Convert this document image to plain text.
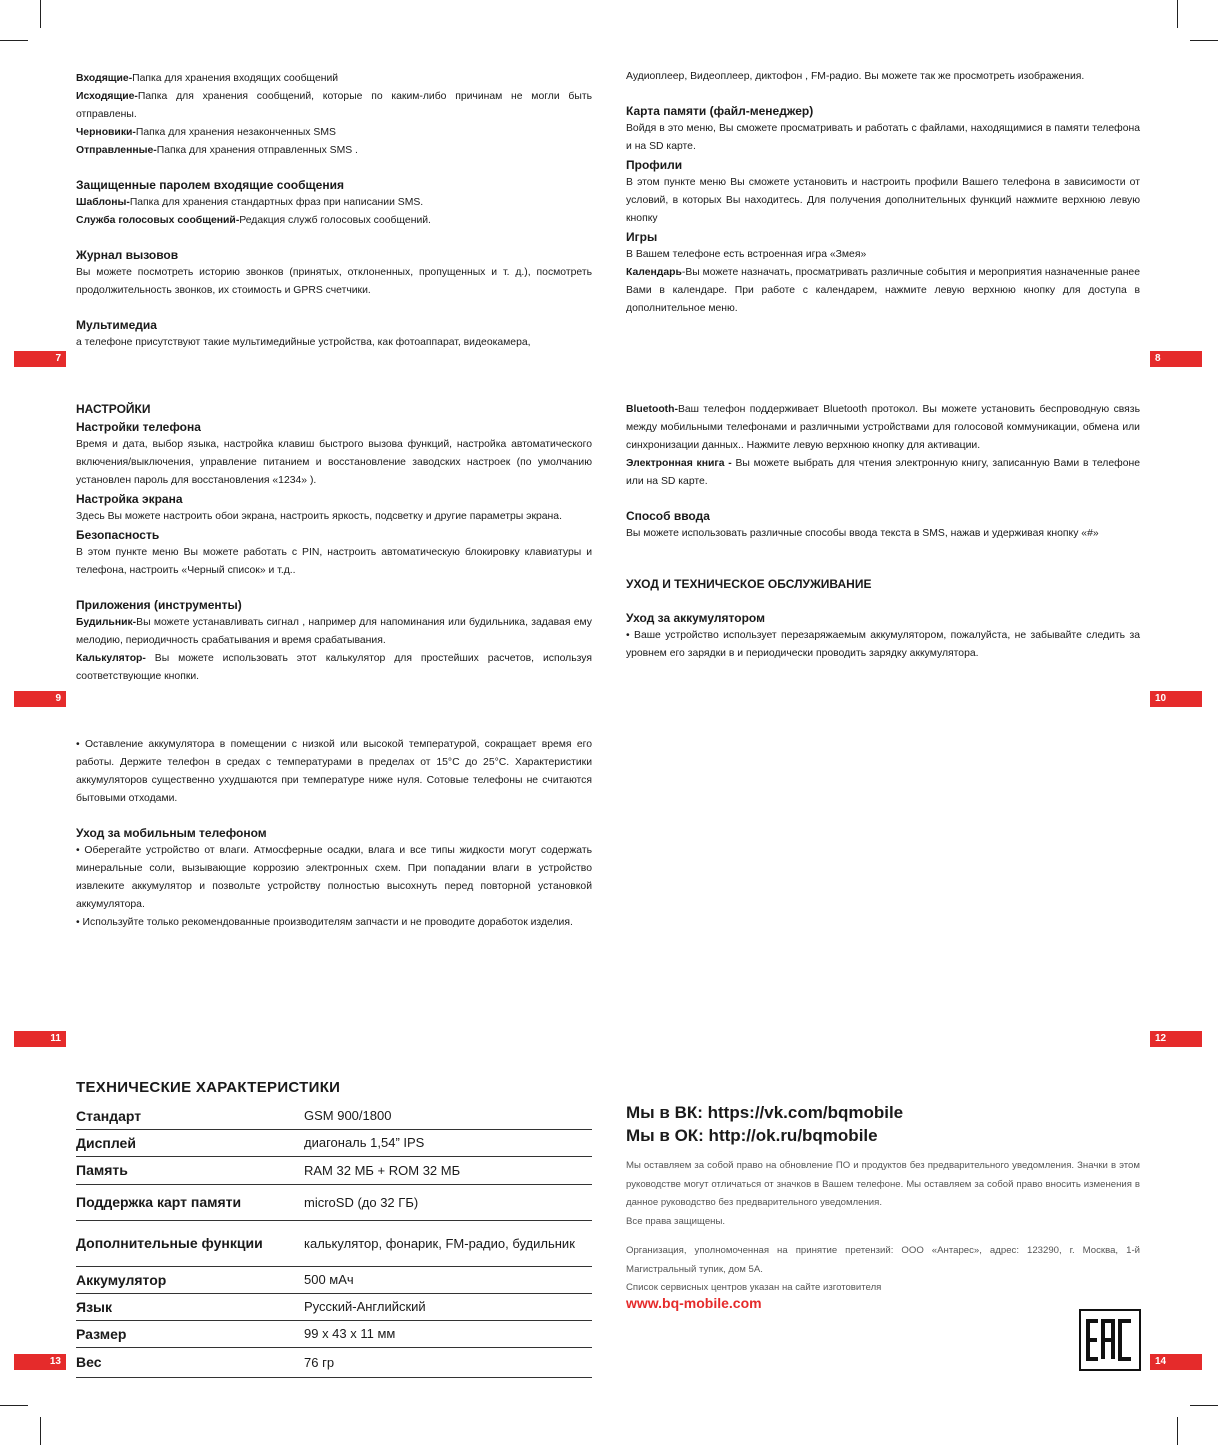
Входящие-Папка для хранения входящих сообщений

Исходящие-Папка для хранения сообщений, которые по каким-либо причинам не могли быть отправлены.

Черновики-Папка для хранения незаконченных SMS

Отправленные-Папка для хранения отправленных SMS .

Защищенные паролем входящие сообщения

Шаблоны-Папка для хранения стандартных фраз при написании SMS.

Служба голосовых сообщений-Редакция служб голосовых сообщений.

Журнал вызовов

Вы можете посмотреть историю звонков (принятых, отклоненных, пропущенных и т. д.), посмотреть продолжительность звонков, их стоимость и GPRS счетчики.

Мультимедиа

а телефоне присутствуют такие мультимедийные устройства, как фотоаппарат, видеокамера,

7

Аудиоплеер, Видеоплеер, диктофон , FM-радио. Вы можете так же просмотреть изображения.

Карта памяти (файл-менеджер)

Войдя в это меню, Вы сможете просматривать и работать с файлами, находящимися в памяти телефона и на SD карте.

Профили

В этом пункте меню Вы сможете установить и настроить профили Вашего телефона в зависимости от условий, в которых Вы находитесь. Для получения дополнительных функций нажмите верхнюю левую кнопку

Игры

В Вашем телефоне есть встроенная игра «Змея»

Календарь-Вы можете назначать, просматривать различные события и мероприятия назначенные ранее Вами в календаре. При работе с календарем, нажмите левую верхнюю кнопку для доступа в дополнительное меню.

8

НАСТРОЙКИ

Настройки телефона

Время и дата, выбор языка, настройка клавиш быстрого вызова функций, настройка автоматического включения/выключения, управление питанием и восстановление заводских настроек (по умолчанию установлен пароль для восстановления «1234» ).

Настройка экрана

Здесь Вы можете настроить обои экрана, настроить яркость, подсветку и другие параметры экрана.

Безопасность

В этом пункте меню Вы можете работать с PIN, настроить автоматическую блокировку клавиатуры и телефона, настроить «Черный список» и т.д..

Приложения (инструменты)

Будильник-Вы можете устанавливать сигнал , например для напоминания или будильника, задавая ему мелодию, периодичность срабатывания и время срабатывания.

Калькулятор- Вы можете использовать этот калькулятор для простейших расчетов, используя соответствующие кнопки.

9

Bluetooth-Ваш телефон поддерживает Bluetooth протокол. Вы можете установить беспроводную связь между мобильными телефонами и различными устройствами для голосовой коммуникации, обмена или синхронизации данных.. Нажмите левую верхнюю кнопку для активации.

Электронная книга - Вы можете выбрать для чтения электронную книгу, записанную Вами в телефоне или на SD карте.

Способ ввода

Вы можете использовать различные способы ввода текста в SMS, нажав и удерживая кнопку «#»

УХОД И ТЕХНИЧЕСКОЕ ОБСЛУЖИВАНИЕ

Уход за аккумулятором

• Ваше устройство использует перезаряжаемым аккумулятором, пожалуйста, не забывайте следить за уровнем его зарядки в и периодически проводить зарядку аккумулятора.

10

• Оставление аккумулятора в помещении с низкой или высокой температурой, сокращает время его работы. Держите телефон в средах с температурами в пределах от 15°C до 25°C. Характеристики аккумуляторов существенно ухудшаются при температуре ниже нуля. Сотовые телефоны не считаются бытовыми отходами.

Уход за мобильным телефоном

• Оберегайте устройство от влаги. Атмосферные осадки, влага и все типы жидкости могут содержать минеральные соли, вызывающие коррозию электронных схем. При попадании влаги в устройство извлеките аккумулятор и позвольте устройству полностью высохнуть перед повторной установкой аккумулятора.

• Используйте только рекомендованные производителям запчасти и не проводите доработок изделия.

11	12
ТЕХНИЧЕСКИЕ ХАРАКТЕРИСТИКИ
Стандарт	GSM 900/1800
Дисплей	диагональ 1,54” IPS
Память	RAM 32 МБ + ROM 32 МБ
Поддержка карт памяти	microSD (до 32 ГБ)
Дополнительные функции	калькулятор, фонарик, FM-радио, будильник
Аккумулятор	500 мАч
Язык	Русский-Английский
Размер	99 x 43 x 11 мм
Вес	76 гр
13
Мы в ВК: https://vk.com/bqmobile
Мы в ОК: http://ok.ru/bqmobile
Мы оставляем за собой право на обновление ПО и продуктов без предварительного уведомления. Значки в этом руководстве могут отличаться от значков в Вашем телефоне. Мы оставляем за собой право вносить изменения в данное руководство без предварительного уведомления.
Все права защищены.
Организация, уполномоченная на принятие претензий: ООО «Антарес», адрес: 123290, г. Москва, 1-й Магистральный тупик, дом 5А.
Список сервисных центров указан на сайте изготовителя
www.bq-mobile.com
14
